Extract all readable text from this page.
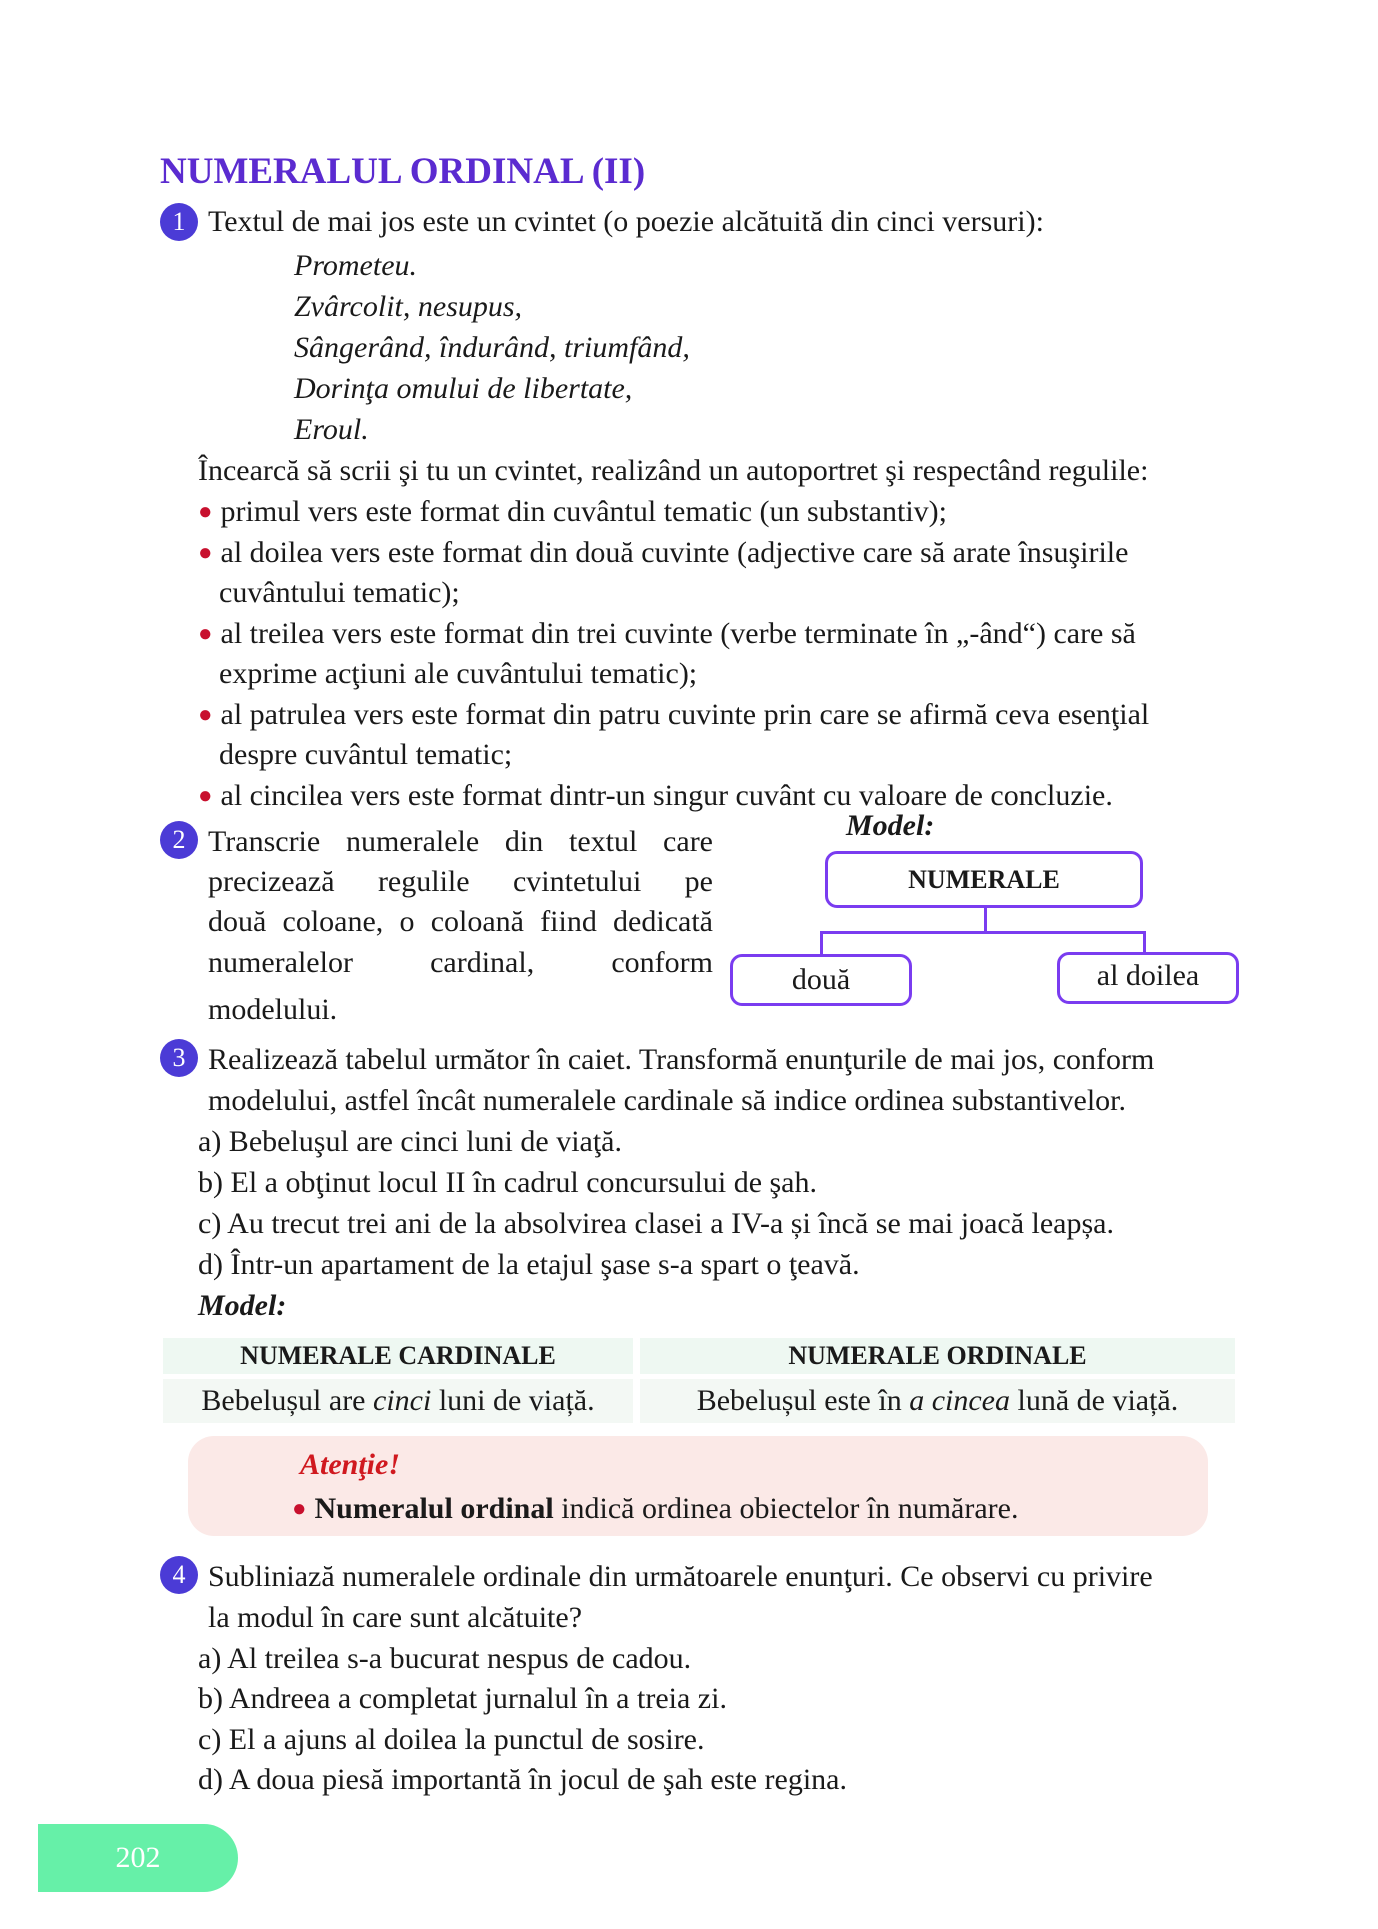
NUMERALUL ORDINAL (II)
1 Textul de mai jos este un cvintet (o poezie alcătuită din cinci versuri):
Prometeu.
Zvârcolit, nesupus,
Sângerând, îndurând, triumfând,
Dorinţa omului de libertate,
Eroul.
Încearcă să scrii şi tu un cvintet, realizând un autoportret şi respectând regulile:
● primul vers este format din cuvântul tematic (un substantiv);
● al doilea vers este format din două cuvinte (adjective care să arate însuşirile
cuvântului tematic);
● al treilea vers este format din trei cuvinte (verbe terminate în „-ând“) care să
exprime acţiuni ale cuvântului tematic);
● al patrulea vers este format din patru cuvinte prin care se afirmă ceva esenţial
despre cuvântul tematic;
● al cincilea vers este format dintr-un singur cuvânt cu valoare de concluzie.
2 Transcrie numeralele din textul care
precizează regulile cvintetului pe
două coloane, o coloană fiind dedicată
numeralelor cardinal, conform
modelului.
Model:
NUMERALE
două	al doilea
3 Realizează tabelul următor în caiet. Transformă enunţurile de mai jos, conform
modelului, astfel încât numeralele cardinale să indice ordinea substantivelor.
a) Bebeluşul are cinci luni de viaţă.
b) El a obţinut locul II în cadrul concursului de şah.
c) Au trecut trei ani de la absolvirea clasei a IV-a și încă se mai joacă leapșa.
d) Într-un apartament de la etajul şase s-a spart o ţeavă.
Model:
NUMERALE CARDINALE	NUMERALE ORDINALE
Bebelușul are cinci luni de viață.	Bebelușul este în a cincea lună de viață.
Atenţie!
● Numeralul ordinal indică ordinea obiectelor în numărare.
4 Subliniază numeralele ordinale din următoarele enunţuri. Ce observi cu privire
la modul în care sunt alcătuite?
a) Al treilea s-a bucurat nespus de cadou.
b) Andreea a completat jurnalul în a treia zi.
c) El a ajuns al doilea la punctul de sosire.
d) A doua piesă importantă în jocul de şah este regina.
202
